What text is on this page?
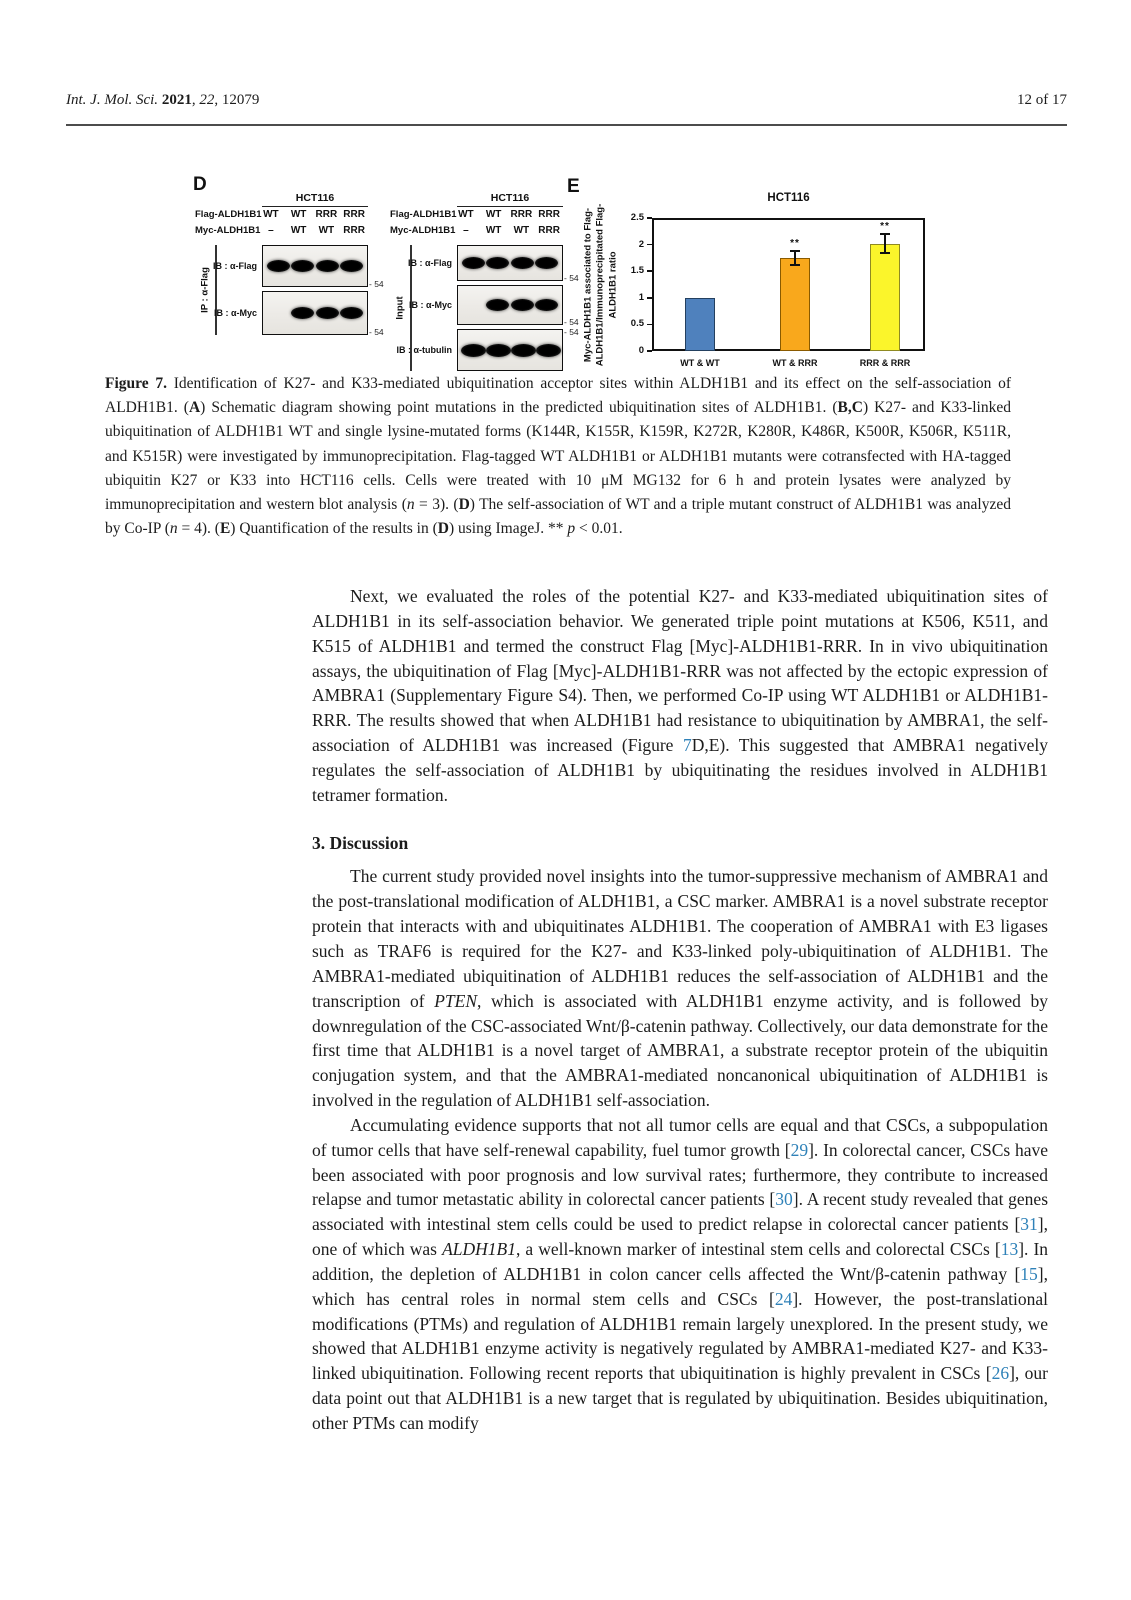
Int. J. Mol. Sci. 2021, 22, 12079	12 of 17
D	E
HCT116
0
0.5
1
1.5
2
2.5
Myc-ALDH1B1 associated to Flag- ALDH1B1/Immunoprecipitated Flag- ALDH1B1 ratio
WT & WT
**
WT & RRR
**
RRR & RRR
HCT116
Flag-ALDH1B1 WT	WT RRR RRR
Myc-ALDH1B1 –	WT	WT RRR
IP : α-Flag
IB : α-Flag
- 54
IB : α-Myc
- 54
HCT116
Flag-ALDH1B1 WT	WT RRR RRR
Myc-ALDH1B1 –	WT	WT RRR
Input
IB : α-Flag
- 54
IB : α-Myc
- 54
IB : α-tubulin
- 54
Figure 7. Identification of K27- and K33-mediated ubiquitination acceptor sites within ALDH1B1 and its effect on the self-association of ALDH1B1. (A) Schematic diagram showing point mutations in the predicted ubiquitination sites of ALDH1B1. (B,C) K27- and K33-linked ubiquitination of ALDH1B1 WT and single lysine-mutated forms (K144R, K155R, K159R, K272R, K280R, K486R, K500R, K506R, K511R, and K515R) were investigated by immunoprecipitation. Flag-tagged WT ALDH1B1 or ALDH1B1 mutants were cotransfected with HA-tagged ubiquitin K27 or K33 into HCT116 cells. Cells were treated with 10 μM MG132 for 6 h and protein lysates were analyzed by immunoprecipitation and western blot analysis (n = 3). (D) The self-association of WT and a triple mutant construct of ALDH1B1 was analyzed by Co-IP (n = 4). (E) Quantification of the results in (D) using ImageJ. ** p < 0.01.

Next, we evaluated the roles of the potential K27- and K33-mediated ubiquitination sites of ALDH1B1 in its self-association behavior. We generated triple point mutations at K506, K511, and K515 of ALDH1B1 and termed the construct Flag [Myc]-ALDH1B1-RRR. In in vivo ubiquitination assays, the ubiquitination of Flag [Myc]-ALDH1B1-RRR was not affected by the ectopic expression of AMBRA1 (Supplementary Figure S4). Then, we performed Co-IP using WT ALDH1B1 or ALDH1B1-RRR. The results showed that when ALDH1B1 had resistance to ubiquitination by AMBRA1, the self-association of ALDH1B1 was increased (Figure 7D,E). This suggested that AMBRA1 negatively regulates the self-association of ALDH1B1 by ubiquitinating the residues involved in ALDH1B1 tetramer formation.

3. Discussion

The current study provided novel insights into the tumor-suppressive mechanism of AMBRA1 and the post-translational modification of ALDH1B1, a CSC marker. AMBRA1 is a novel substrate receptor protein that interacts with and ubiquitinates ALDH1B1. The cooperation of AMBRA1 with E3 ligases such as TRAF6 is required for the K27- and K33-linked poly-ubiquitination of ALDH1B1. The AMBRA1-mediated ubiquitination of ALDH1B1 reduces the self-association of ALDH1B1 and the transcription of PTEN, which is associated with ALDH1B1 enzyme activity, and is followed by downregulation of the CSC-associated Wnt/β-catenin pathway. Collectively, our data demonstrate for the first time that ALDH1B1 is a novel target of AMBRA1, a substrate receptor protein of the ubiquitin conjugation system, and that the AMBRA1-mediated noncanonical ubiquitination of ALDH1B1 is involved in the regulation of ALDH1B1 self-association.

Accumulating evidence supports that not all tumor cells are equal and that CSCs, a subpopulation of tumor cells that have self-renewal capability, fuel tumor growth [29]. In colorectal cancer, CSCs have been associated with poor prognosis and low survival rates; furthermore, they contribute to increased relapse and tumor metastatic ability in colorectal cancer patients [30]. A recent study revealed that genes associated with intestinal stem cells could be used to predict relapse in colorectal cancer patients [31], one of which was ALDH1B1, a well-known marker of intestinal stem cells and colorectal CSCs [13]. In addition, the depletion of ALDH1B1 in colon cancer cells affected the Wnt/β-catenin pathway [15], which has central roles in normal stem cells and CSCs [24]. However, the post-translational modifications (PTMs) and regulation of ALDH1B1 remain largely unexplored. In the present study, we showed that ALDH1B1 enzyme activity is negatively regulated by AMBRA1-mediated K27- and K33-linked ubiquitination. Following recent reports that ubiquitination is highly prevalent in CSCs [26], our data point out that ALDH1B1 is a new target that is regulated by ubiquitination. Besides ubiquitination, other PTMs can modify
